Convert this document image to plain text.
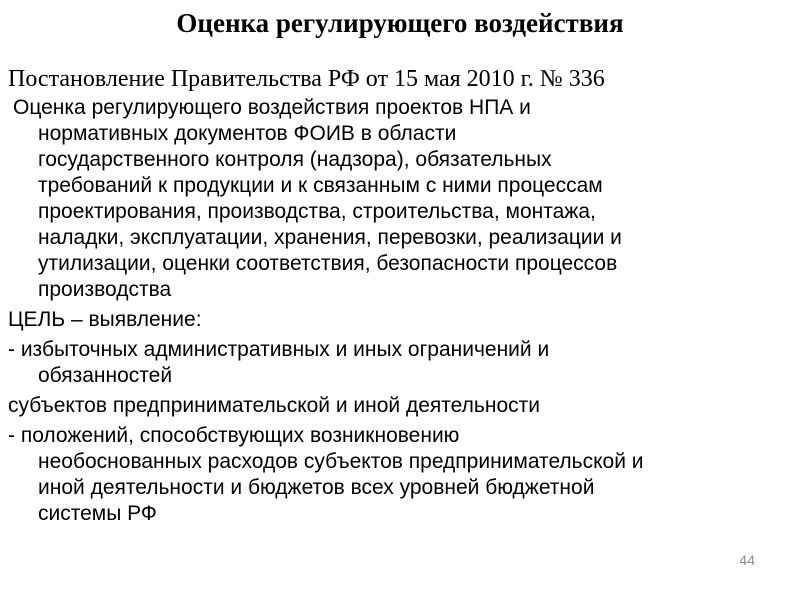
Оценка регулирующего воздействия

Постановление Правительства РФ от 15 мая 2010 г. № 336

Оценка регулирующего воздействия проектов НПА и

нормативных документов ФОИВ в области

государственного контроля (надзора), обязательных

требований к продукции и к связанным с ними процессам

проектирования, производства, строительства, монтажа,

наладки, эксплуатации, хранения, перевозки, реализации и

утилизации, оценки соответствия, безопасности процессов

производства

ЦЕЛЬ – выявление:

- избыточных административных и иных ограничений и

обязанностей

субъектов предпринимательской и иной деятельности

- положений, способствующих возникновению

необоснованных расходов субъектов предпринимательской и

иной деятельности и бюджетов всех уровней бюджетной

системы РФ

44
